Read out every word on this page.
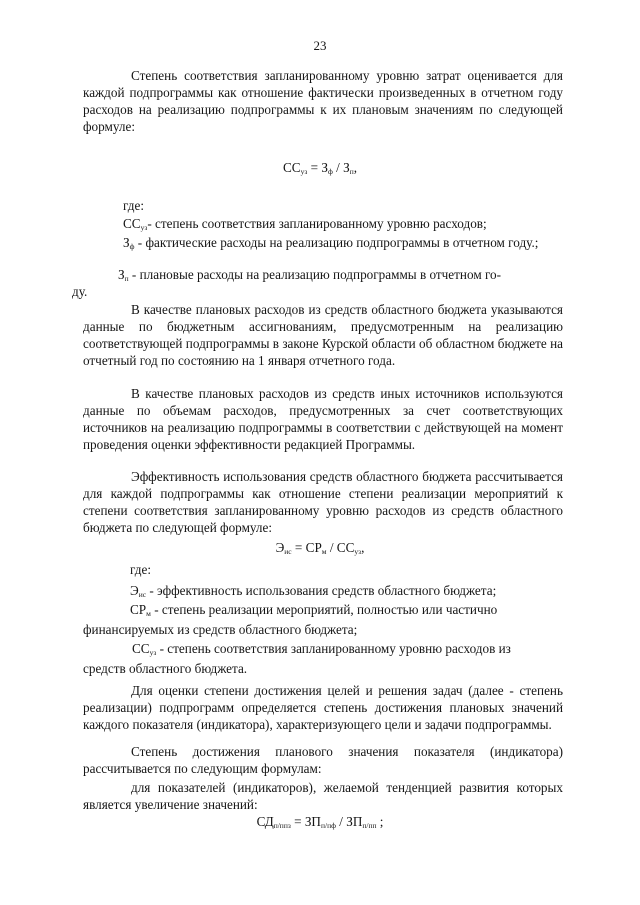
23

Степень соответствия запланированному уровню затрат оценивается для каждой подпрограммы как отношение фактически произведенных в отчетном году расходов на реализацию подпрограммы к их плановым значениям по следующей формуле:

$СС_{уз} = З_ф / З_п$,
где:
$СС_{уз}-$ степень соответствия запланированному уровню расходов;
$З_ф$ - фактические расходы на реализацию подпрограммы в отчетном году.;
$З_п$ - плановые расходы на реализацию подпрограммы в отчетном го-
ду.

В качестве плановых расходов из средств областного бюджета указываются данные по бюджетным ассигнованиям, предусмотренным на реализацию соответствующей подпрограммы в законе Курской области об областном бюджете на отчетный год по состоянию на 1 января отчетного года.

В качестве плановых расходов из средств иных источников используются данные по объемам расходов, предусмотренных за счет соответствующих источников на реализацию подпрограммы в соответствии с действующей на момент проведения оценки эффективности редакцией Программы.

Эффективность использования средств областного бюджета рассчитывается для каждой подпрограммы как отношение степени реализации мероприятий к степени соответствия запланированному уровню расходов из средств областного бюджета по следующей формуле:

$Э_{ис} = СР_м / СС_{уз}$,
где:
$Э_{ис}$ - эффективность использования средств областного бюджета;
$СР_м$ - степень реализации мероприятий, полностью или частично
финансируемых из средств областного бюджета;
$СС_{уз}$ - степень соответствия запланированному уровню расходов из
средств областного бюджета.

Для оценки степени достижения целей и решения задач (далее - степень реализации) подпрограмм определяется степень достижения плановых значений каждого показателя (индикатора), характеризующего цели и задачи подпрограммы.

Степень достижения планового значения показателя (индикатора) рассчитывается по следующим формулам:

для показателей (индикаторов), желаемой тенденцией развития которых является увеличение значений:

$СД_{п/ппз} = ЗП_{п/пф} / ЗП_{п/пп}$ ;
